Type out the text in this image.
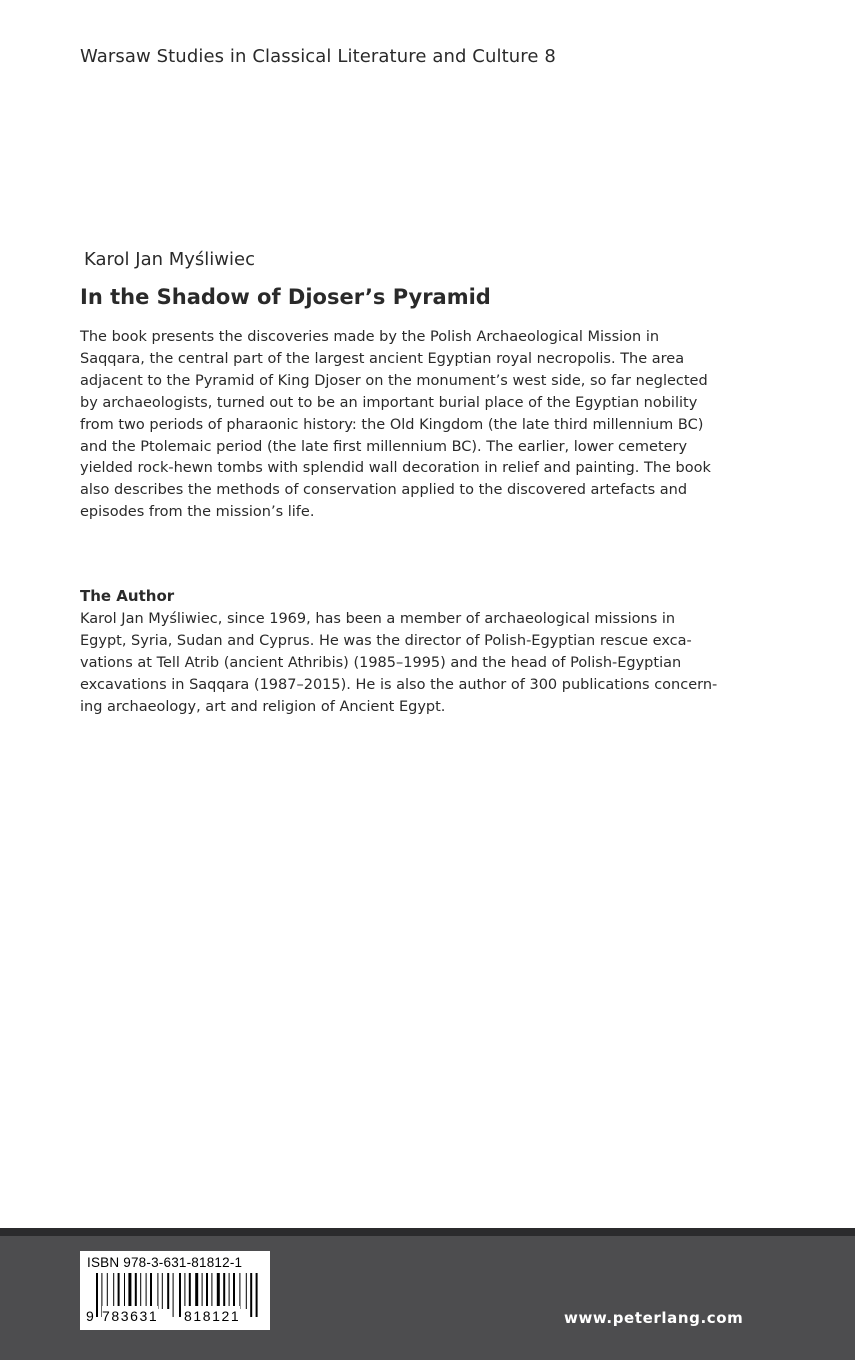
Warsaw Studies in Classical Literature and Culture 8
Karol Jan Myśliwiec
In the Shadow of Djoser’s Pyramid
The book presents the discoveries made by the Polish Archaeological Mission in
Saqqara, the central part of the largest ancient Egyptian royal necropolis. The area
adjacent to the Pyramid of King Djoser on the monument’s west side, so far neglected
by archaeologists, turned out to be an important burial place of the Egyptian nobility
from two periods of pharaonic history: the Old Kingdom (the late third millennium BC)
and the Ptolemaic period (the late first millennium BC). The earlier, lower cemetery
yielded rock-hewn tombs with splendid wall decoration in relief and painting. The book
also describes the methods of conservation applied to the discovered artefacts and
episodes from the mission’s life.
The Author
Karol Jan Myśliwiec, since 1969, has been a member of archaeological missions in
Egypt, Syria, Sudan and Cyprus. He was the director of Polish-Egyptian rescue exca-
vations at Tell Atrib (ancient Athribis) (1985–1995) and the head of Polish-Egyptian
excavations in Saqqara (1987–2015). He is also the author of 300 publications concern-
ing archaeology, art and religion of Ancient Egypt.
ISBN 978-3-631-81812-1
9 783631 818121	www.peterlang.com
